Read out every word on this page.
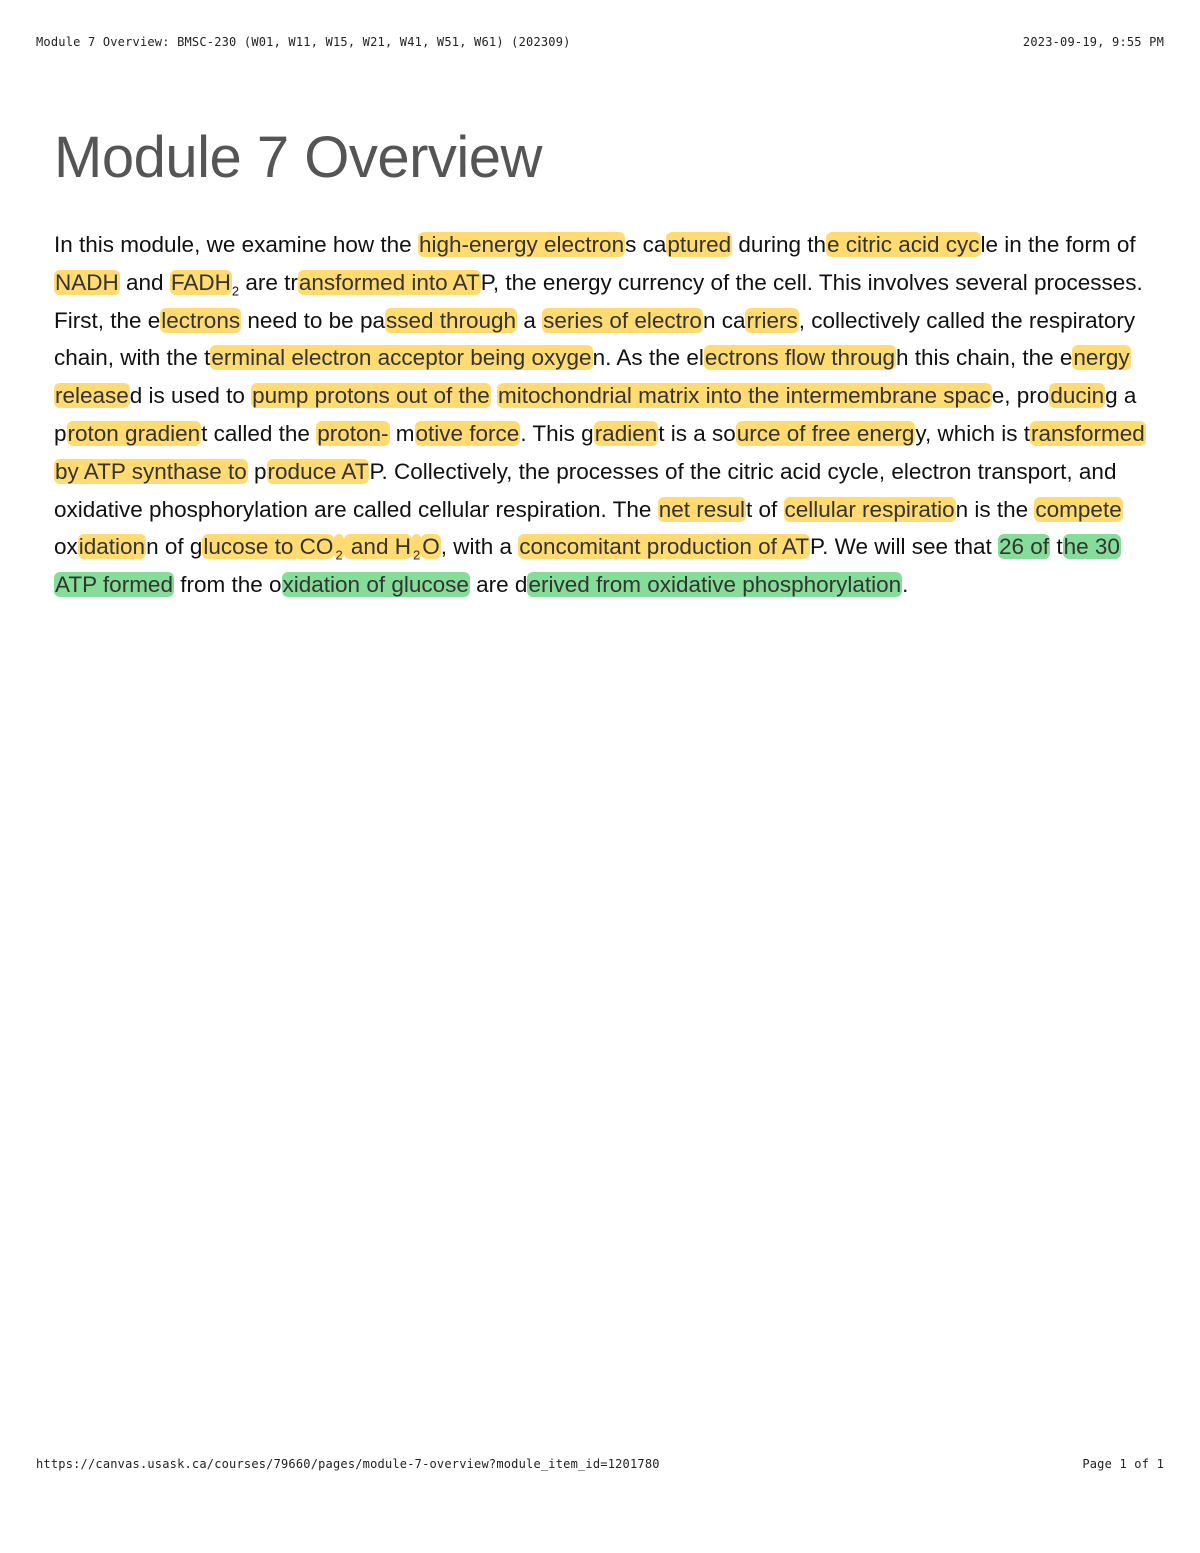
Module 7 Overview: BMSC-230 (W01, W11, W15, W21, W41, W51, W61) (202309)	2023-09-19, 9:55 PM
Module 7 Overview

In this module, we examine how the high-energy electrons captured during the citric acid cycle in the form of NADH and $FADH_2$ are transformed into ATP, the energy currency of the cell. This involves several processes. First, the electrons need to be passed through a series of electron carriers, collectively called the respiratory chain, with the terminal electron acceptor being oxygen. As the electrons flow through this chain, the energy released is used to pump protons out of the mitochondrial matrix into the intermembrane space, producing a proton gradient called the proton- motive force. This gradient is a source of free energy, which is transformed by ATP synthase to produce ATP. Collectively, the processes of the citric acid cycle, electron transport, and oxidative phosphorylation are called cellular respiration. The net result of cellular respiration is the compete oxidationn of glucose to CO $_2$ and H $_2$O, with a concomitant production of ATP. We will see that 26 of the 30 ATP formed from the oxidation of glucose are derived from oxidative phosphorylation.

https://canvas.usask.ca/courses/79660/pages/module-7-overview?module_item_id=1201780	Page 1 of 1
